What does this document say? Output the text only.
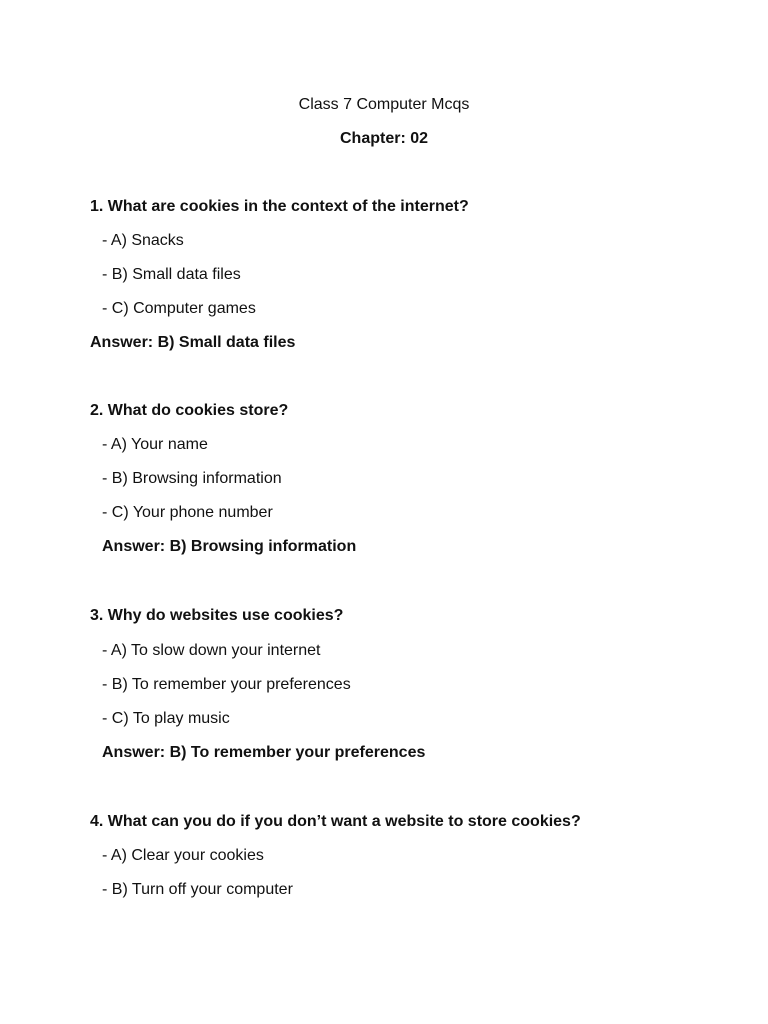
Class 7 Computer Mcqs
Chapter: 02
1. What are cookies in the context of the internet?
- A) Snacks
- B) Small data files
- C) Computer games
Answer: B) Small data files
2. What do cookies store?
- A) Your name
- B) Browsing information
- C) Your phone number
Answer: B) Browsing information
3. Why do websites use cookies?
- A) To slow down your internet
- B) To remember your preferences
- C) To play music
Answer: B) To remember your preferences
4. What can you do if you don’t want a website to store cookies?
- A) Clear your cookies
- B) Turn off your computer
